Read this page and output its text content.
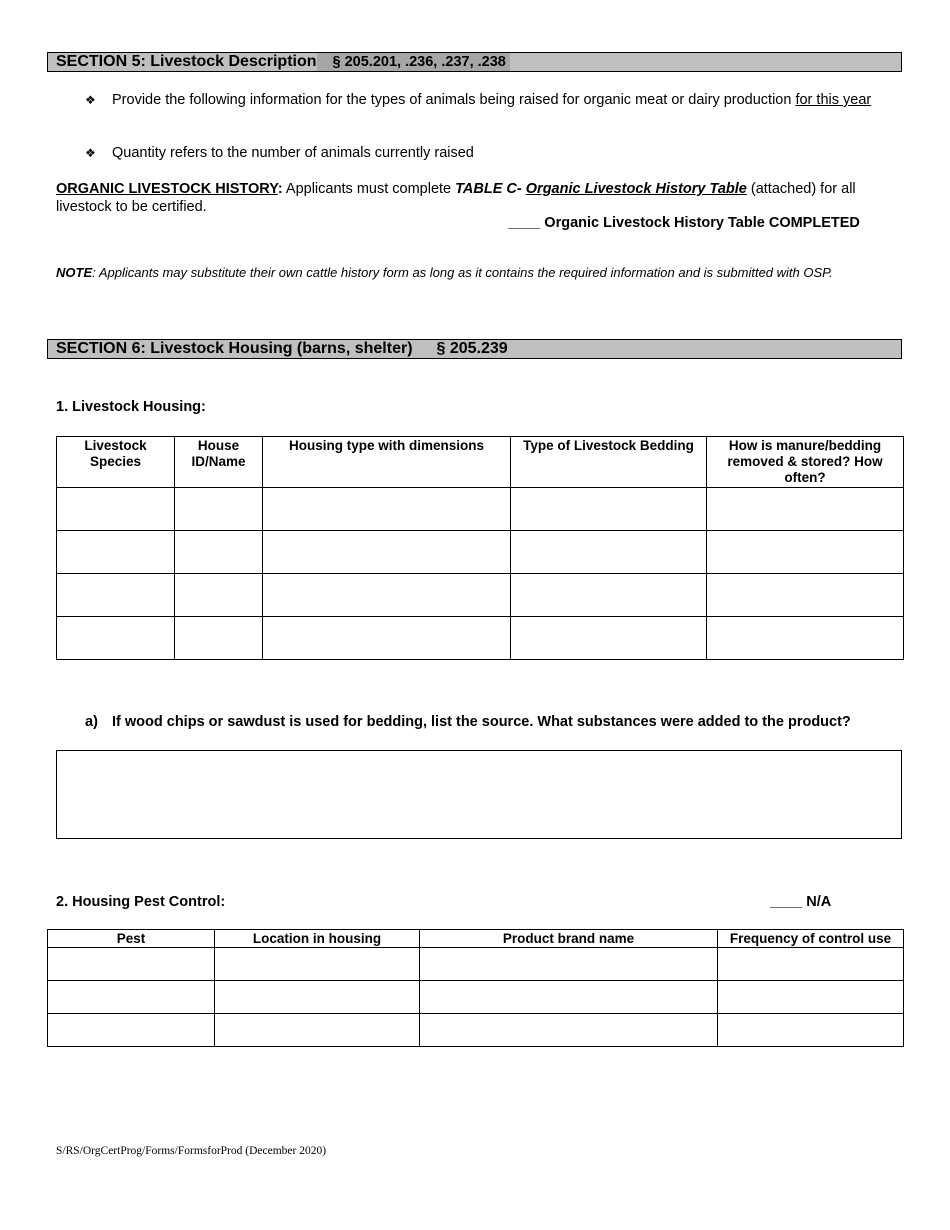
SECTION 5: Livestock Description	§ 205.201, .236, .237, .238
❖ Provide the following information for the types of animals being raised for organic meat or dairy production for this year
❖ Quantity refers to the number of animals currently raised
ORGANIC LIVESTOCK HISTORY: Applicants must complete TABLE C- Organic Livestock History Table (attached) for all livestock to be certified.
____ Organic Livestock History Table COMPLETED
NOTE: Applicants may substitute their own cattle history form as long as it contains the required information and is submitted with OSP.
SECTION 6: Livestock Housing (barns, shelter)	§ 205.239
1. Livestock Housing:
Livestock Species	House ID/Name	Housing type with dimensions	Type of Livestock Bedding	How is manure/bedding removed & stored? How often?

a) If wood chips or sawdust is used for bedding, list the source. What substances were added to the product?
2. Housing Pest Control:	____ N/A
Pest	Location in housing	Product brand name	Frequency of control use

S/RS/OrgCertProg/Forms/FormsforProd (December 2020)
